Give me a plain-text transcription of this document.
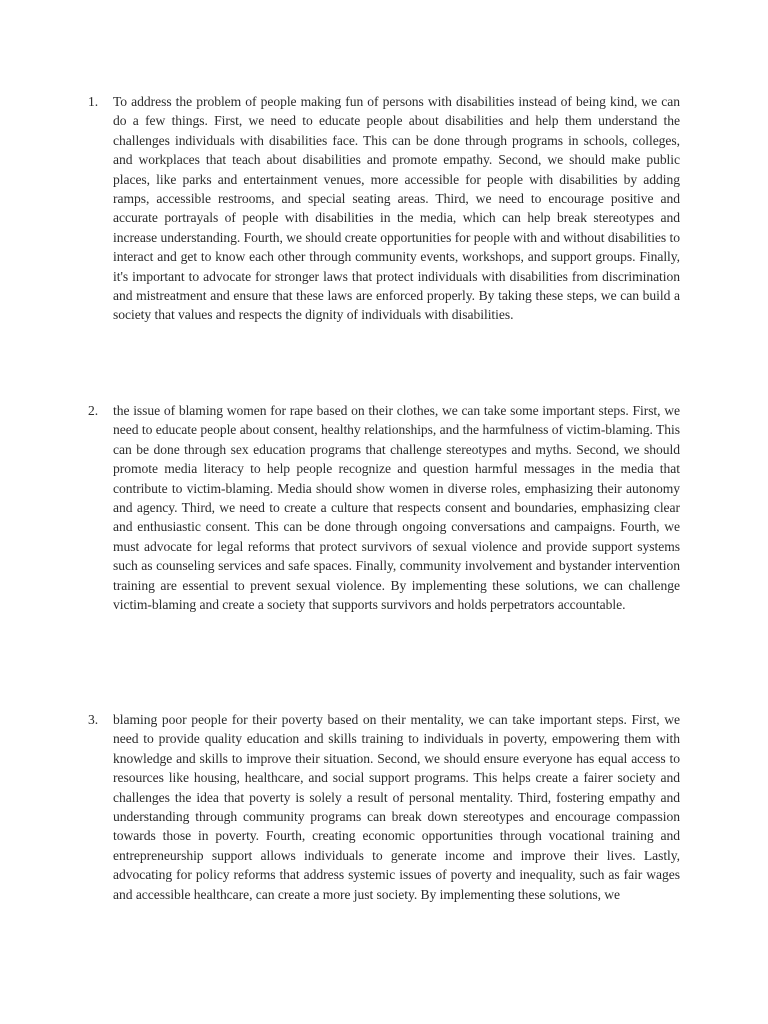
1.	To address the problem of people making fun of persons with disabilities instead of being kind, we can do a few things. First, we need to educate people about disabilities and help them understand the challenges individuals with disabilities face. This can be done through programs in schools, colleges, and workplaces that teach about disabilities and promote empathy. Second, we should make public places, like parks and entertainment venues, more accessible for people with disabilities by adding ramps, accessible restrooms, and special seating areas. Third, we need to encourage positive and accurate portrayals of people with disabilities in the media, which can help break stereotypes and increase understanding. Fourth, we should create opportunities for people with and without disabilities to interact and get to know each other through community events, workshops, and support groups. Finally, it's important to advocate for stronger laws that protect individuals with disabilities from discrimination and mistreatment and ensure that these laws are enforced properly. By taking these steps, we can build a society that values and respects the dignity of individuals with disabilities.
2.	the issue of blaming women for rape based on their clothes, we can take some important steps. First, we need to educate people about consent, healthy relationships, and the harmfulness of victim-blaming. This can be done through sex education programs that challenge stereotypes and myths. Second, we should promote media literacy to help people recognize and question harmful messages in the media that contribute to victim-blaming. Media should show women in diverse roles, emphasizing their autonomy and agency. Third, we need to create a culture that respects consent and boundaries, emphasizing clear and enthusiastic consent. This can be done through ongoing conversations and campaigns. Fourth, we must advocate for legal reforms that protect survivors of sexual violence and provide support systems such as counseling services and safe spaces. Finally, community involvement and bystander intervention training are essential to prevent sexual violence. By implementing these solutions, we can challenge victim-blaming and create a society that supports survivors and holds perpetrators accountable.
3.	blaming poor people for their poverty based on their mentality, we can take important steps. First, we need to provide quality education and skills training to individuals in poverty, empowering them with knowledge and skills to improve their situation. Second, we should ensure everyone has equal access to resources like housing, healthcare, and social support programs. This helps create a fairer society and challenges the idea that poverty is solely a result of personal mentality. Third, fostering empathy and understanding through community programs can break down stereotypes and encourage compassion towards those in poverty. Fourth, creating economic opportunities through vocational training and entrepreneurship support allows individuals to generate income and improve their lives. Lastly, advocating for policy reforms that address systemic issues of poverty and inequality, such as fair wages and accessible healthcare, can create a more just society. By implementing these solutions, we
